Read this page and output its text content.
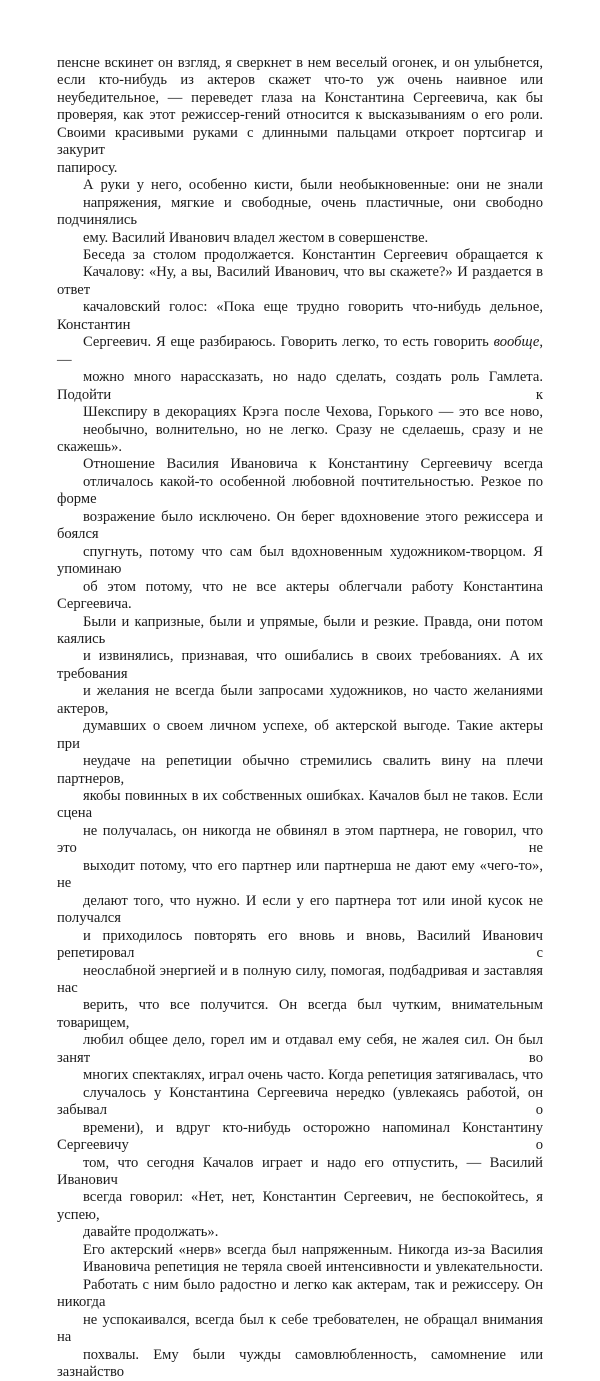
пенсне вскинет он взгляд, я сверкнет в нем веселый огонек, и он улыбнется,
если кто-нибудь из актеров скажет что-то уж очень наивное или
неубедительное, — переведет глаза на Константина Сергеевича, как бы
проверяя, как этот режиссер-гений относится к высказываниям о его роли.
Своими красивыми руками с длинными пальцами откроет портсигар и закурит
папиросу.
А руки у него, особенно кисти, были необыкновенные: они не знали
напряжения, мягкие и свободные, очень пластичные, они свободно подчинялись
ему. Василий Иванович владел жестом в совершенстве.
Беседа за столом продолжается. Константин Сергеевич обращается к
Качалову: «Ну, а вы, Василий Иванович, что вы скажете?» И раздается в ответ
качаловский голос: «Пока еще трудно говорить что-нибудь дельное, Константин
Сергеевич. Я еще разбираюсь. Говорить легко, то есть говорить вообще, —
можно много нарассказать, но надо сделать, создать роль Гамлета. Подойти к
Шекспиру в декорациях Крэга после Чехова, Горького — это все ново,
необычно, волнительно, но не легко. Сразу не сделаешь, сразу и не скажешь».
Отношение Василия Ивановича к Константину Сергеевичу всегда
отличалось какой-то особенной любовной почтительностью. Резкое по форме
возражение было исключено. Он берег вдохновение этого режиссера и боялся
спугнуть, потому что сам был вдохновенным художником-творцом. Я упоминаю
об этом потому, что не все актеры облегчали работу Константина Сергеевича.
Были и капризные, были и упрямые, были и резкие. Правда, они потом каялись
и извинялись, признавая, что ошибались в своих требованиях. А их требования
и желания не всегда были запросами художников, но часто желаниями актеров,
думавших о своем личном успехе, об актерской выгоде. Такие актеры при
неудаче на репетиции обычно стремились свалить вину на плечи партнеров,
якобы повинных в их собственных ошибках. Качалов был не таков. Если сцена
не получалась, он никогда не обвинял в этом партнера, не говорил, что это не
выходит потому, что его партнер или партнерша не дают ему «чего-то», не
делают того, что нужно. И если у его партнера тот или иной кусок не получался
и приходилось повторять его вновь и вновь, Василий Иванович репетировал с
неослабной энергией и в полную силу, помогая, подбадривая и заставляя нас
верить, что все получится. Он всегда был чутким, внимательным товарищем,
любил общее дело, горел им и отдавал ему себя, не жалея сил. Он был занят во
многих спектаклях, играл очень часто. Когда репетиция затягивалась, что
случалось у Константина Сергеевича нередко (увлекаясь работой, он забывал о
времени), и вдруг кто-нибудь осторожно напоминал Константину Сергеевичу о
том, что сегодня Качалов играет и надо его отпустить, — Василий Иванович
всегда говорил: «Нет, нет, Константин Сергеевич, не беспокойтесь, я успею,
давайте продолжать».
Его актерский «нерв» всегда был напряженным. Никогда из-за Василия
Ивановича репетиция не теряла своей интенсивности и увлекательности.
Работать с ним было радостно и легко как актерам, так и режиссеру. Он никогда
не успокаивался, всегда был к себе требователен, не обращал внимания на
похвалы. Ему были чужды самовлюбленность, самомнение или зазнайство
